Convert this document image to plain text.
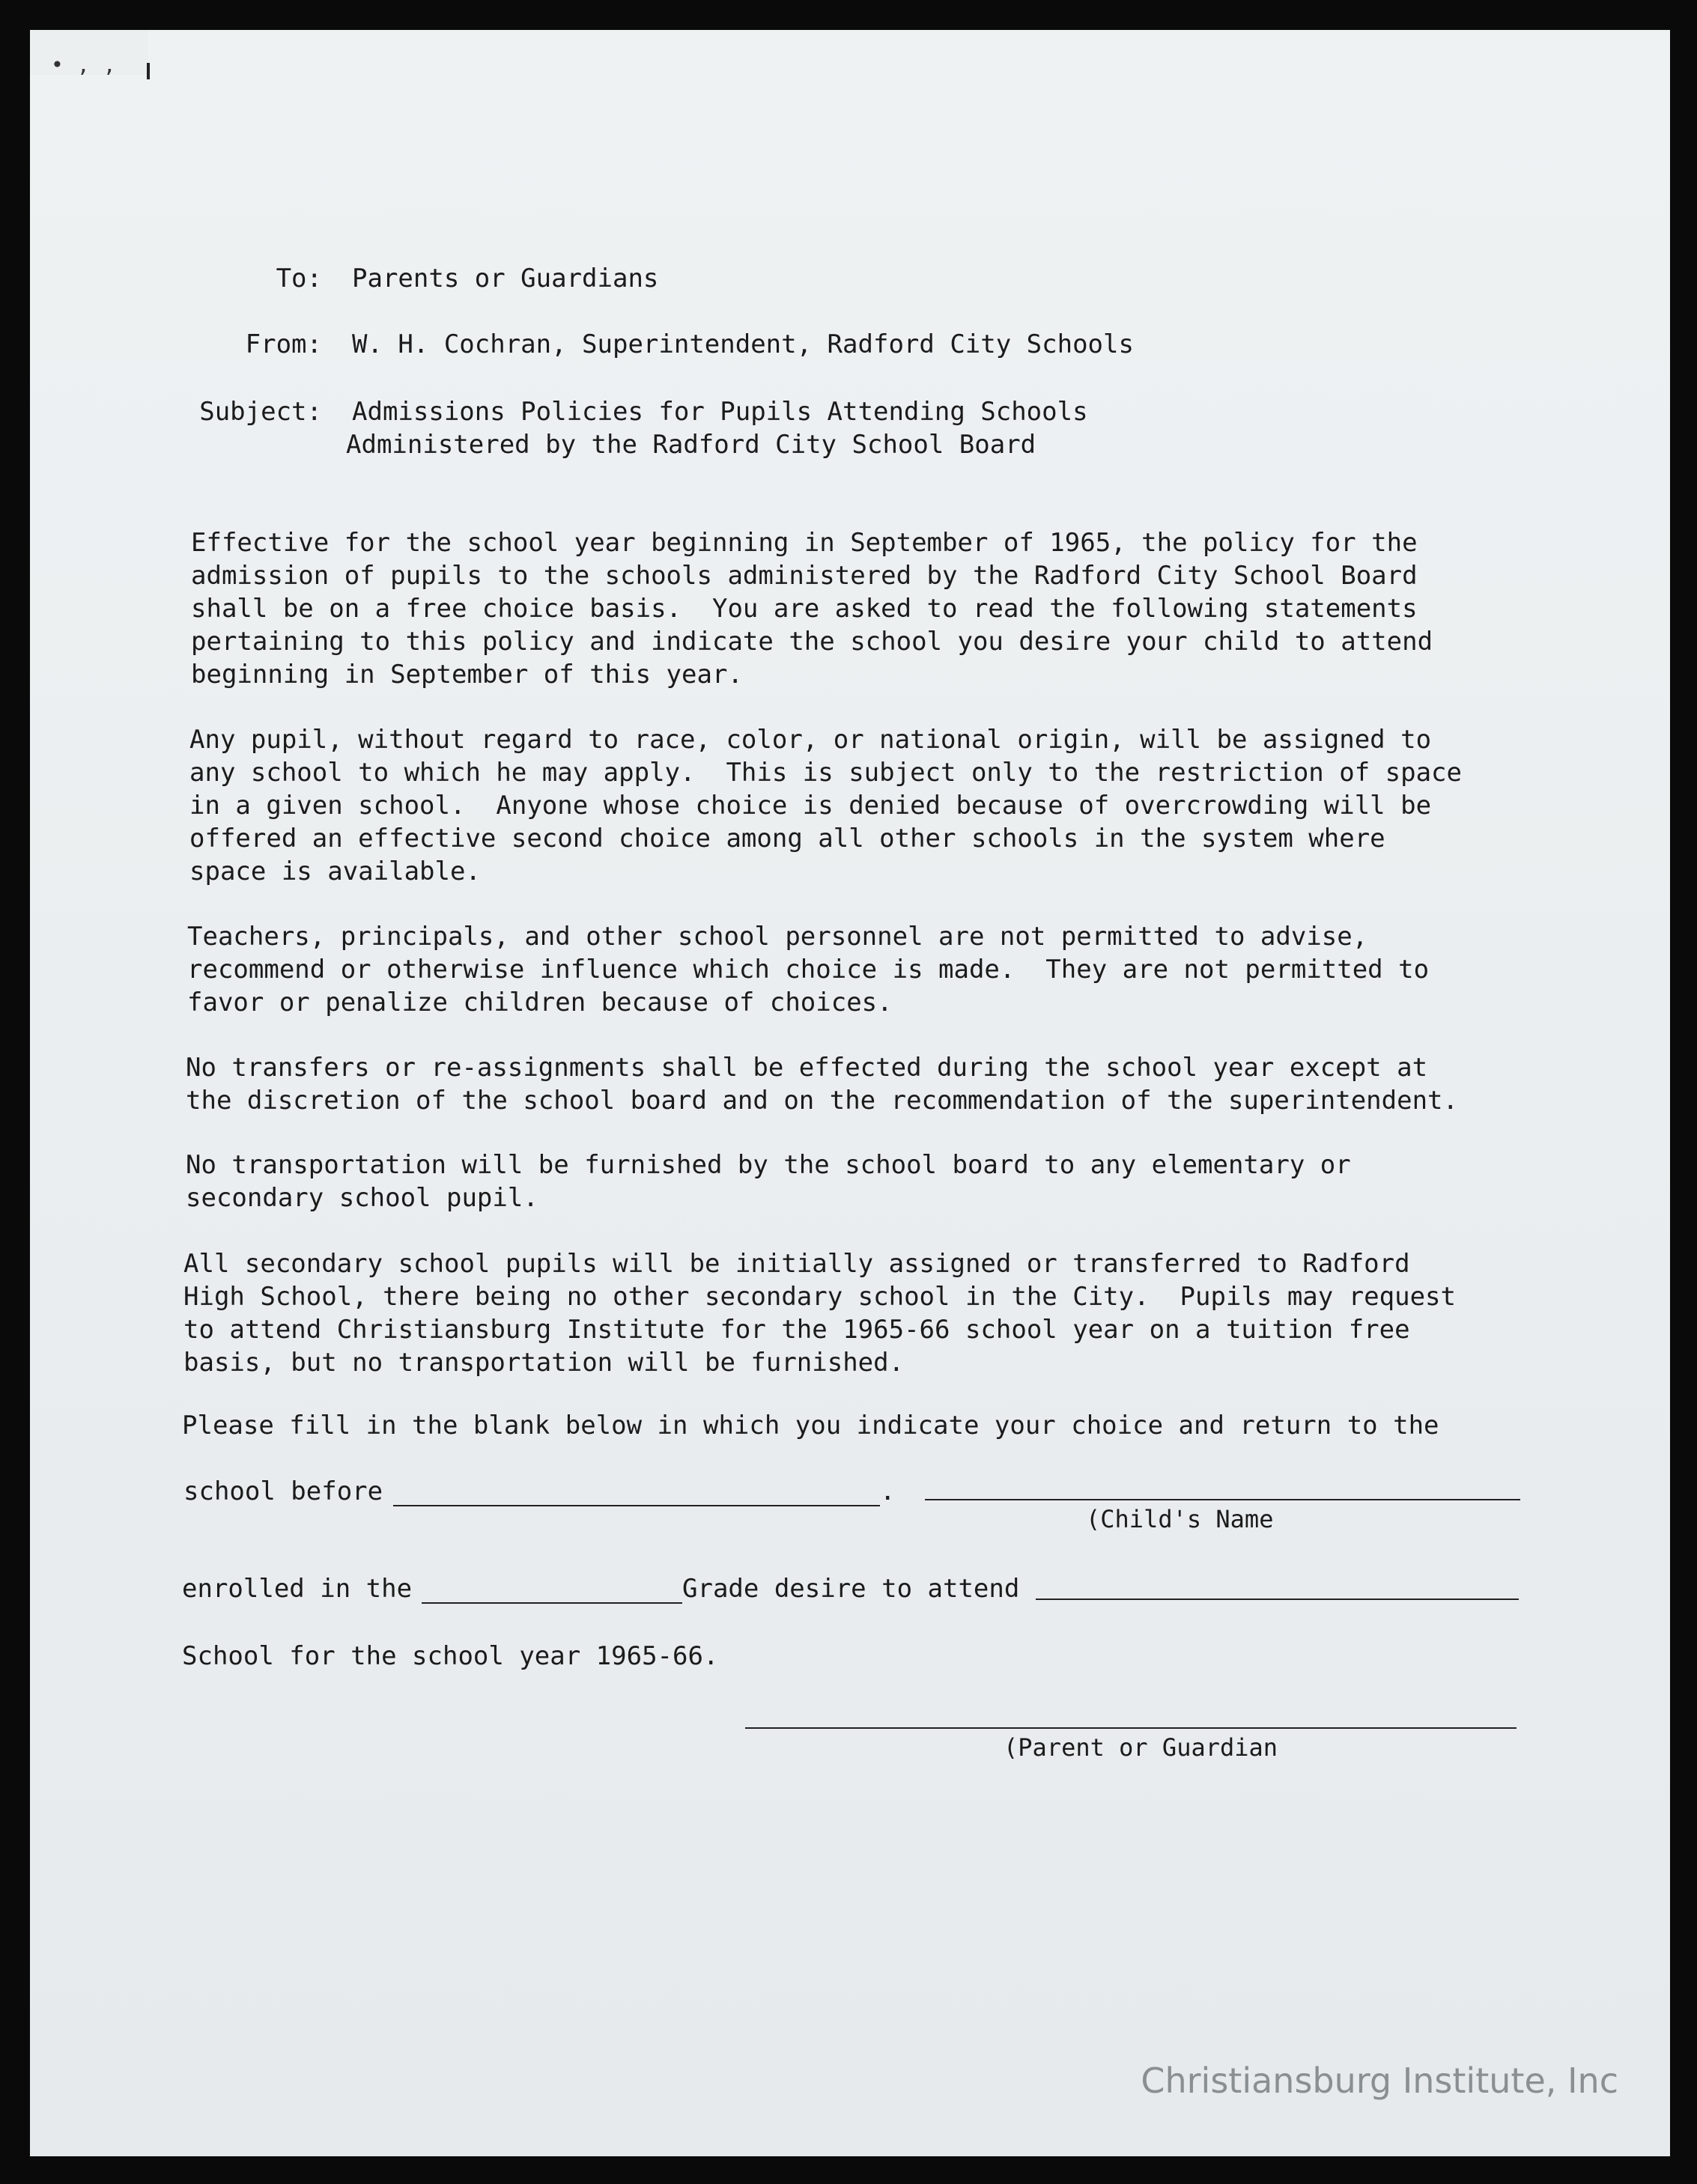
•,,
To: Parents or Guardians
From: W. H. Cochran, Superintendent, Radford City Schools
Subject: Admissions Policies for Pupils Attending Schools
Administered by the Radford City School Board
Effective for the school year beginning in September of 1965, the policy for the
admission of pupils to the schools administered by the Radford City School Board
shall be on a free choice basis.  You are asked to read the following statements
pertaining to this policy and indicate the school you desire your child to attend
beginning in September of this year.
Any pupil, without regard to race, color, or national origin, will be assigned to
any school to which he may apply.  This is subject only to the restriction of space
in a given school.  Anyone whose choice is denied because of overcrowding will be
offered an effective second choice among all other schools in the system where
space is available.
Teachers, principals, and other school personnel are not permitted to advise,
recommend or otherwise influence which choice is made.  They are not permitted to
favor or penalize children because of choices.
No transfers or re-assignments shall be effected during the school year except at
the discretion of the school board and on the recommendation of the superintendent.
No transportation will be furnished by the school board to any elementary or
secondary school pupil.
All secondary school pupils will be initially assigned or transferred to Radford
High School, there being no other secondary school in the City.  Pupils may request
to attend Christiansburg Institute for the 1965-66 school year on a tuition free
basis, but no transportation will be furnished.
Please fill in the blank below in which you indicate your choice and return to the
school before	.
(Child's Name
enrolled in the	Grade desire to attend
School for the school year 1965-66.
(Parent or Guardian
Christiansburg Institute, Inc
